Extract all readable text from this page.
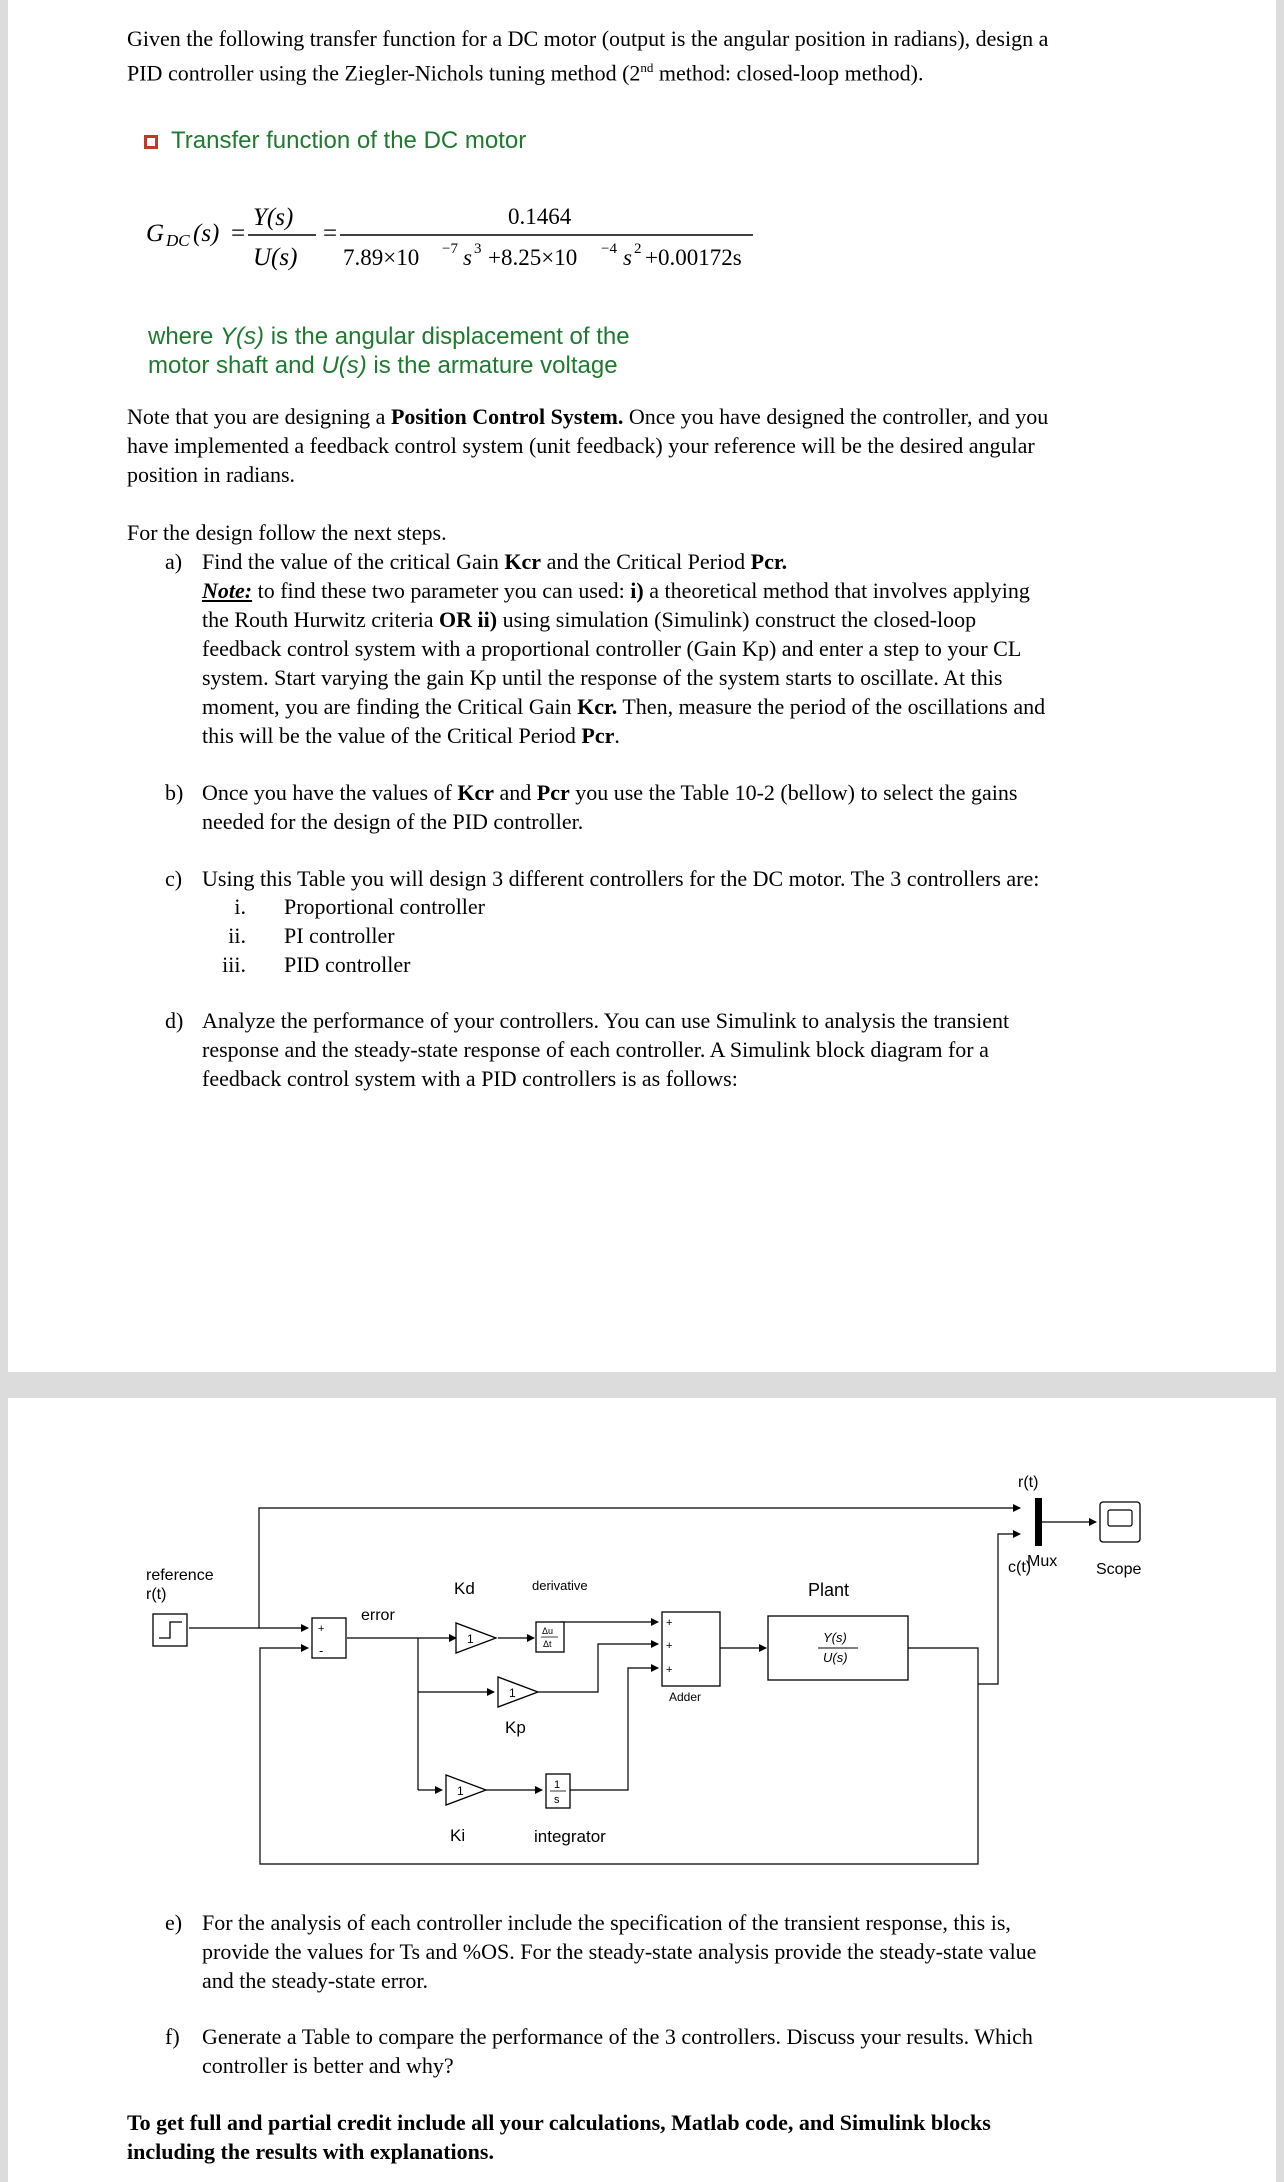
Given the following transfer function for a DC motor (output is the angular position in radians), design a
PID controller using the Ziegler-Nichols tuning method (2nd method: closed-loop method).
Transfer function of the DC motor
G DC (s) =
Y(s)
U(s)
=
0.1464
7.89×10 −7 s 3 +8.25×10 −4 s 2 +0.00172s
where Y(s) is the angular displacement of the
motor shaft and U(s) is the armature voltage
Note that you are designing a Position Control System. Once you have designed the controller, and you
have implemented a feedback control system (unit feedback) your reference will be the desired angular
position in radians.
For the design follow the next steps.
a) Find the value of the critical Gain Kcr and the Critical Period Pcr.
Note: to find these two parameter you can used: i) a theoretical method that involves applying
the Routh Hurwitz criteria OR ii) using simulation (Simulink) construct the closed-loop
feedback control system with a proportional controller (Gain Kp) and enter a step to your CL
system. Start varying the gain Kp until the response of the system starts to oscillate. At this
moment, you are finding the Critical Gain Kcr. Then, measure the period of the oscillations and
this will be the value of the Critical Period Pcr.
b) Once you have the values of Kcr and Pcr you use the Table 10-2 (bellow) to select the gains
needed for the design of the PID controller.
c) Using this Table you will design 3 different controllers for the DC motor. The 3 controllers are:
i. Proportional controller
ii. PI controller
iii. PID controller
d) Analyze the performance of your controllers. You can use Simulink to analysis the transient
response and the steady-state response of each controller. A Simulink block diagram for a
feedback control system with a PID controllers is as follows:
reference
r(t)
+
-
error
1
Kd
Δu
Δt
derivative
1
Kp
1
Ki
1
s
integrator
+
+
+
Adder
Y(s)
U(s)
Plant
r(t)
c(t)
Mux Scope
e) For the analysis of each controller include the specification of the transient response, this is,
provide the values for Ts and %OS. For the steady-state analysis provide the steady-state value
and the steady-state error.
f) Generate a Table to compare the performance of the 3 controllers. Discuss your results. Which
controller is better and why?
To get full and partial credit include all your calculations, Matlab code, and Simulink blocks
including the results with explanations.
